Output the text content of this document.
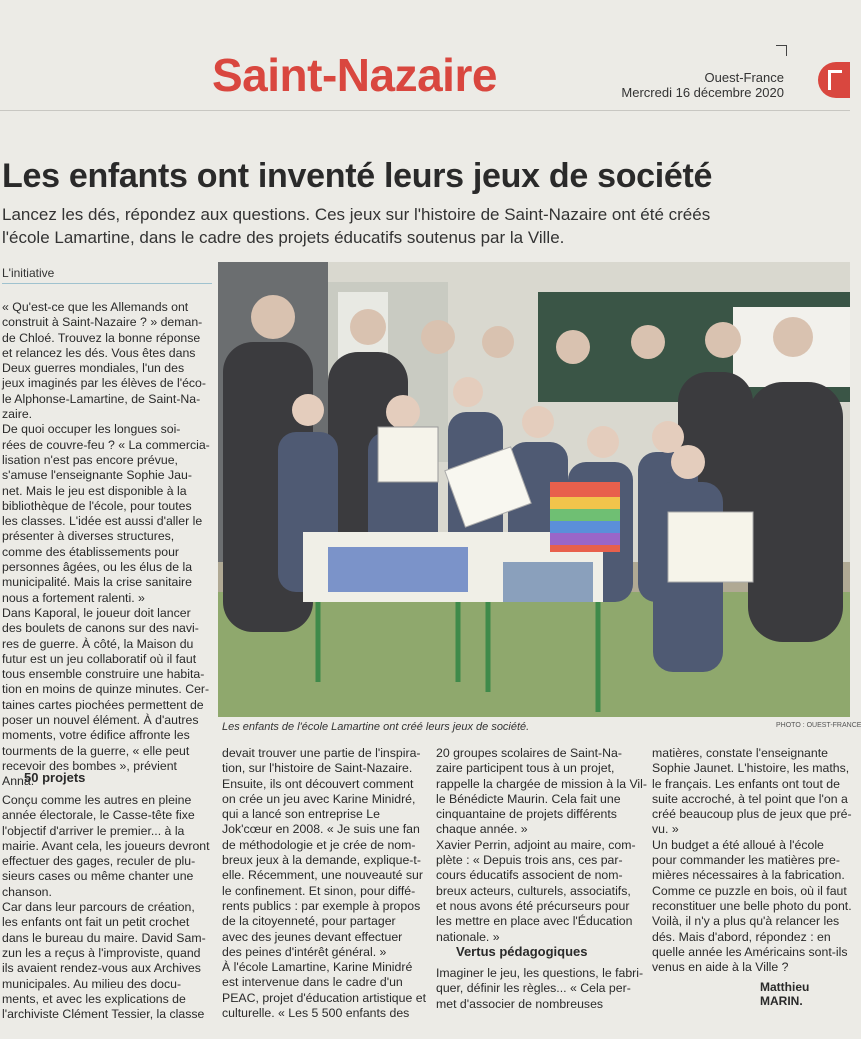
Saint-Nazaire	Ouest-France
Mercredi 16 décembre 2020
Les enfants ont inventé leurs jeux de société
Lancez les dés, répondez aux questions. Ces jeux sur l'histoire de Saint-Nazaire ont été créés
l'école Lamartine, dans le cadre des projets éducatifs soutenus par la Ville.
L'initiative
Les enfants de l'école Lamartine ont créé leurs jeux de société.	PHOTO : OUEST-FRANCE
« Qu'est-ce que les Allemands ont
construit à Saint-Nazaire ? » deman-
de Chloé. Trouvez la bonne réponse
et relancez les dés. Vous êtes dans
Deux guerres mondiales, l'un des
jeux imaginés par les élèves de l'éco-
le Alphonse-Lamartine, de Saint-Na-
zaire.
De quoi occuper les longues soi-
rées de couvre-feu ? « La commercia-
lisation n'est pas encore prévue,
s'amuse l'enseignante Sophie Jau-
net. Mais le jeu est disponible à la
bibliothèque de l'école, pour toutes
les classes. L'idée est aussi d'aller le
présenter à diverses structures,
comme des établissements pour
personnes âgées, ou les élus de la
municipalité. Mais la crise sanitaire
nous a fortement ralenti. »
Dans Kaporal, le joueur doit lancer
des boulets de canons sur des navi-
res de guerre. À côté, la Maison du
futur est un jeu collaboratif où il faut
tous ensemble construire une habita-
tion en moins de quinze minutes. Cer-
taines cartes piochées permettent de
poser un nouvel élément. À d'autres
moments, votre édifice affronte les
tourments de la guerre, « elle peut
recevoir des bombes », prévient
Anna.
50 projets
Conçu comme les autres en pleine
année électorale, le Casse-tête fixe
l'objectif d'arriver le premier... à la
mairie. Avant cela, les joueurs devront
effectuer des gages, reculer de plu-
sieurs cases ou même chanter une
chanson.
Car dans leur parcours de création,
les enfants ont fait un petit crochet
dans le bureau du maire. David Sam-
zun les a reçus à l'improviste, quand
ils avaient rendez-vous aux Archives
municipales. Au milieu des docu-
ments, et avec les explications de
l'archiviste Clément Tessier, la classe
devait trouver une partie de l'inspira-
tion, sur l'histoire de Saint-Nazaire.
Ensuite, ils ont découvert comment
on crée un jeu avec Karine Minidré,
qui a lancé son entreprise Le
Jok'cœur en 2008. « Je suis une fan
de méthodologie et je crée de nom-
breux jeux à la demande, explique-t-
elle. Récemment, une nouveauté sur
le confinement. Et sinon, pour diffé-
rents publics : par exemple à propos
de la citoyenneté, pour partager
avec des jeunes devant effectuer
des peines d'intérêt général. »
À l'école Lamartine, Karine Minidré
est intervenue dans le cadre d'un
PEAC, projet d'éducation artistique et
culturelle. « Les 5 500 enfants des
20 groupes scolaires de Saint-Na-
zaire participent tous à un projet,
rappelle la chargée de mission à la Vil-
le Bénédicte Maurin. Cela fait une
cinquantaine de projets différents
chaque année. »
Xavier Perrin, adjoint au maire, com-
plète : « Depuis trois ans, ces par-
cours éducatifs associent de nom-
breux acteurs, culturels, associatifs,
et nous avons été précurseurs pour
les mettre en place avec l'Éducation
nationale. »
Vertus pédagogiques
Imaginer le jeu, les questions, le fabri-
quer, définir les règles... « Cela per-
met d'associer de nombreuses
matières, constate l'enseignante
Sophie Jaunet. L'histoire, les maths,
le français. Les enfants ont tout de
suite accroché, à tel point que l'on a
créé beaucoup plus de jeux que pré-
vu. »
Un budget a été alloué à l'école
pour commander les matières pre-
mières nécessaires à la fabrication.
Comme ce puzzle en bois, où il faut
reconstituer une belle photo du pont.
Voilà, il n'y a plus qu'à relancer les
dés. Mais d'abord, répondez : en
quelle année les Américains sont-ils
venus en aide à la Ville ?
Matthieu MARIN.
